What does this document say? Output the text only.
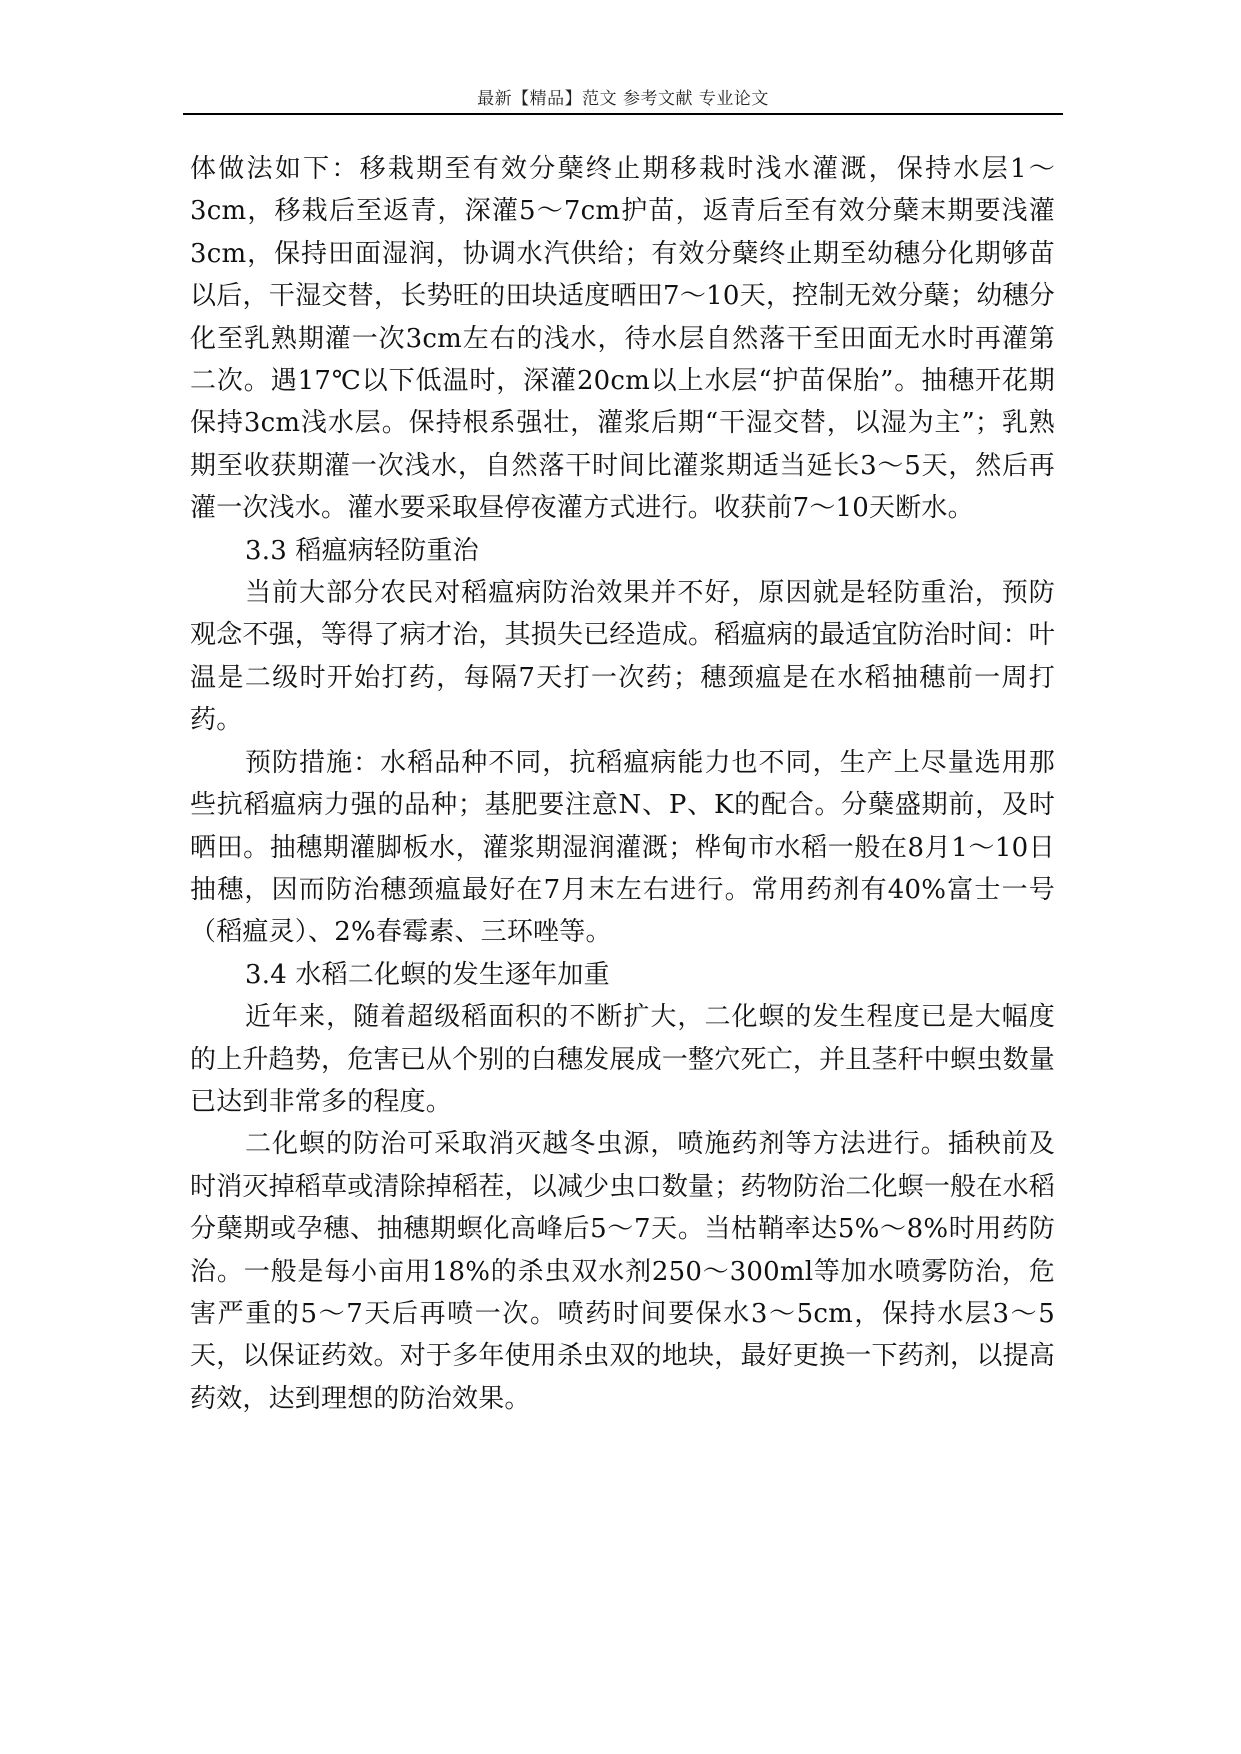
最新【精品】范文 参考文献 专业论文

体做法如下：移栽期至有效分蘖终止期移栽时浅水灌溉，保持水层1～3cm，移栽后至返青，深灌5～7cm护苗，返青后至有效分蘖末期要浅灌3cm，保持田面湿润，协调水汽供给；有效分蘖终止期至幼穗分化期够苗以后，干湿交替，长势旺的田块适度晒田7～10天，控制无效分蘖；幼穗分化至乳熟期灌一次3cm左右的浅水，待水层自然落干至田面无水时再灌第二次。遇17℃以下低温时，深灌20cm以上水层“护苗保胎”。抽穗开花期保持3cm浅水层。保持根系强壮，灌浆后期“干湿交替，以湿为主”；乳熟期至收获期灌一次浅水，自然落干时间比灌浆期适当延长3～5天，然后再灌一次浅水。灌水要采取昼停夜灌方式进行。收获前7～10天断水。

3.3 稻瘟病轻防重治

当前大部分农民对稻瘟病防治效果并不好，原因就是轻防重治，预防观念不强，等得了病才治，其损失已经造成。稻瘟病的最适宜防治时间：叶温是二级时开始打药，每隔7天打一次药；穗颈瘟是在水稻抽穗前一周打药。

预防措施：水稻品种不同，抗稻瘟病能力也不同，生产上尽量选用那些抗稻瘟病力强的品种；基肥要注意N、P、K的配合。分蘖盛期前，及时晒田。抽穗期灌脚板水，灌浆期湿润灌溉；桦甸市水稻一般在8月1～10日抽穗，因而防治穗颈瘟最好在7月末左右进行。常用药剂有40%富士一号（稻瘟灵）、2%春霉素、三环唑等。

3.4 水稻二化螟的发生逐年加重

近年来，随着超级稻面积的不断扩大，二化螟的发生程度已是大幅度的上升趋势，危害已从个别的白穗发展成一整穴死亡，并且茎秆中螟虫数量已达到非常多的程度。

二化螟的防治可采取消灭越冬虫源，喷施药剂等方法进行。插秧前及时消灭掉稻草或清除掉稻茬，以减少虫口数量；药物防治二化螟一般在水稻分蘖期或孕穗、抽穗期螟化高峰后5～7天。当枯鞘率达5%～8%时用药防治。一般是每小亩用18%的杀虫双水剂250～300ml等加水喷雾防治，危害严重的5～7天后再喷一次。喷药时间要保水3～5cm，保持水层3～5天，以保证药效。对于多年使用杀虫双的地块，最好更换一下药剂，以提高药效，达到理想的防治效果。
